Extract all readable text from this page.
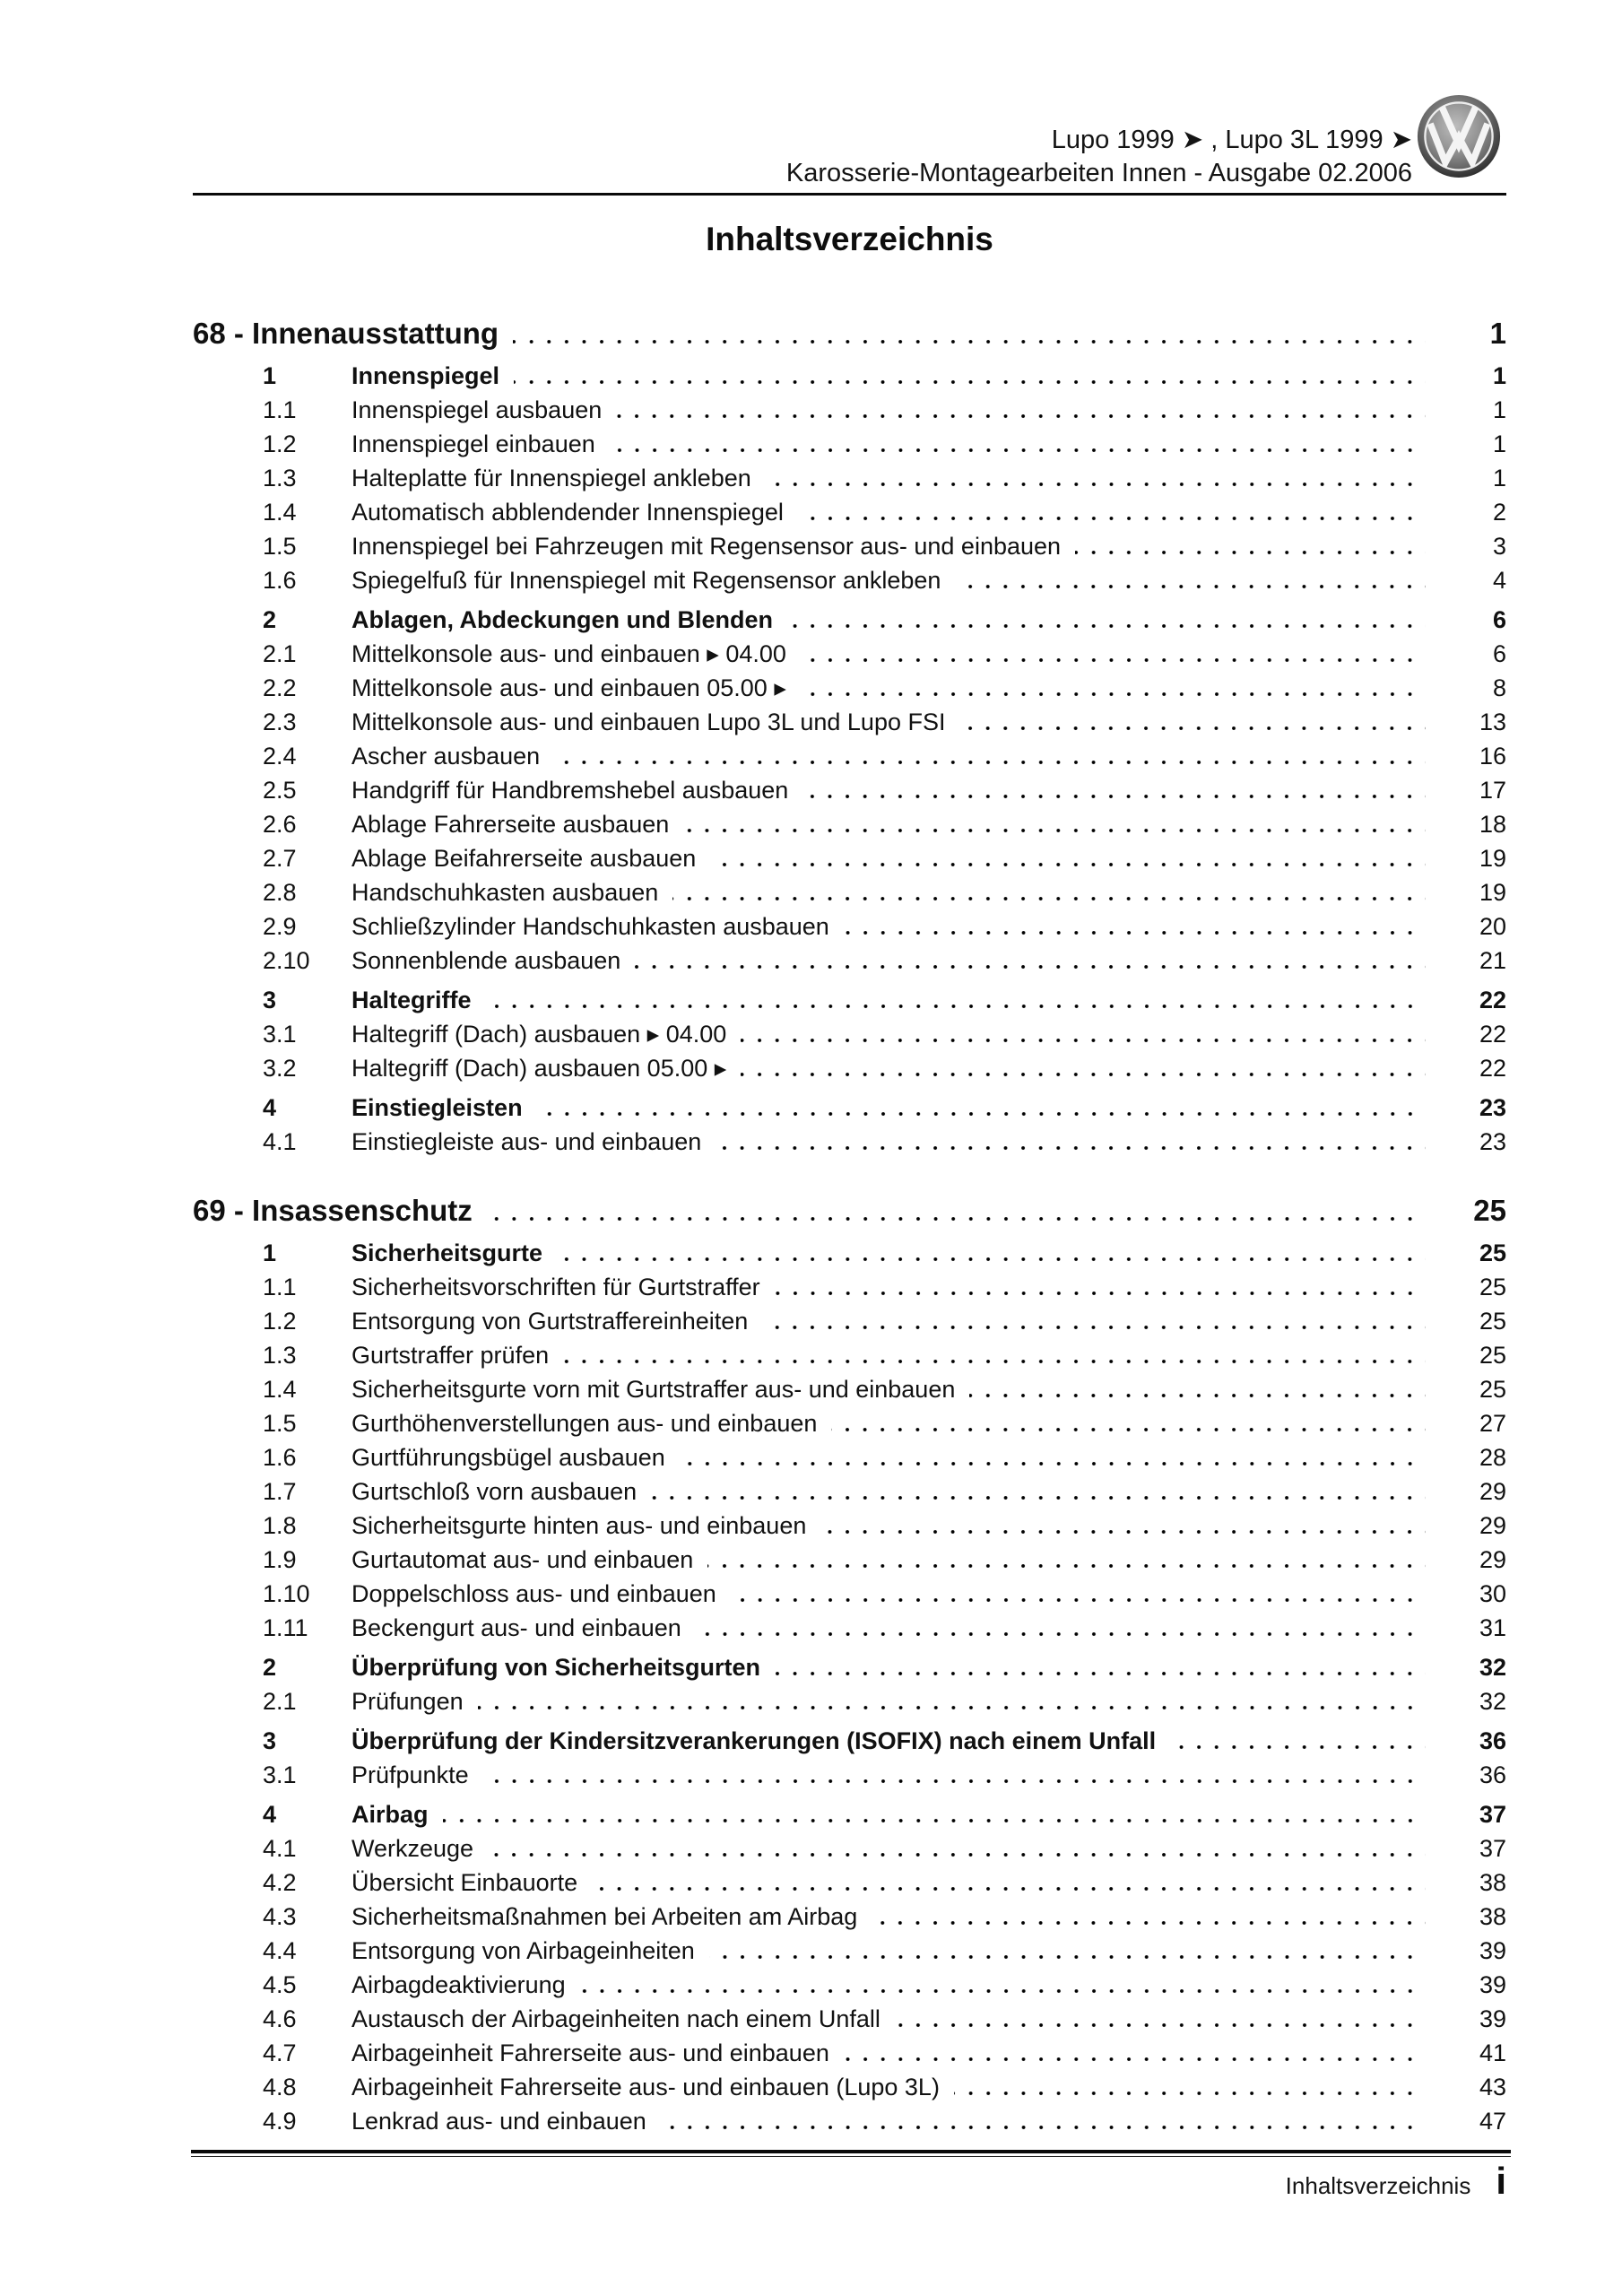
Lupo 1999 ➤ , Lupo 3L 1999 ➤
Karosserie-Montagearbeiten Innen - Ausgabe 02.2006
Inhaltsverzeichnis
68 - Innenausstattung	1
1	Innenspiegel	1
1.1	Innenspiegel ausbauen	1
1.2	Innenspiegel einbauen	1
1.3	Halteplatte für Innenspiegel ankleben	1
1.4	Automatisch abblendender Innenspiegel	2
1.5	Innenspiegel bei Fahrzeugen mit Regensensor aus- und einbauen	3
1.6	Spiegelfuß für Innenspiegel mit Regensensor ankleben	4
2	Ablagen, Abdeckungen und Blenden	6
2.1	Mittelkonsole aus- und einbauen ▸ 04.00	6
2.2	Mittelkonsole aus- und einbauen 05.00 ▸	8
2.3	Mittelkonsole aus- und einbauen Lupo 3L und Lupo FSI	13
2.4	Ascher ausbauen	16
2.5	Handgriff für Handbremshebel ausbauen	17
2.6	Ablage Fahrerseite ausbauen	18
2.7	Ablage Beifahrerseite ausbauen	19
2.8	Handschuhkasten ausbauen	19
2.9	Schließzylinder Handschuhkasten ausbauen	20
2.10	Sonnenblende ausbauen	21
3	Haltegriffe	22
3.1	Haltegriff (Dach) ausbauen ▸ 04.00	22
3.2	Haltegriff (Dach) ausbauen 05.00 ▸	22
4	Einstiegleisten	23
4.1	Einstiegleiste aus- und einbauen	23
69 - Insassenschutz	25
1	Sicherheitsgurte	25
1.1	Sicherheitsvorschriften für Gurtstraffer	25
1.2	Entsorgung von Gurtstraffereinheiten	25
1.3	Gurtstraffer prüfen	25
1.4	Sicherheitsgurte vorn mit Gurtstraffer aus- und einbauen	25
1.5	Gurthöhenverstellungen aus- und einbauen	27
1.6	Gurtführungsbügel ausbauen	28
1.7	Gurtschloß vorn ausbauen	29
1.8	Sicherheitsgurte hinten aus- und einbauen	29
1.9	Gurtautomat aus- und einbauen	29
1.10	Doppelschloss aus- und einbauen	30
1.11	Beckengurt aus- und einbauen	31
2	Überprüfung von Sicherheitsgurten	32
2.1	Prüfungen	32
3	Überprüfung der Kindersitzverankerungen (ISOFIX) nach einem Unfall	36
3.1	Prüfpunkte	36
4	Airbag	37
4.1	Werkzeuge	37
4.2	Übersicht Einbauorte	38
4.3	Sicherheitsmaßnahmen bei Arbeiten am Airbag	38
4.4	Entsorgung von Airbageinheiten	39
4.5	Airbagdeaktivierung	39
4.6	Austausch der Airbageinheiten nach einem Unfall	39
4.7	Airbageinheit Fahrerseite aus- und einbauen	41
4.8	Airbageinheit Fahrerseite aus- und einbauen (Lupo 3L)	43
4.9	Lenkrad aus- und einbauen	47
Inhaltsverzeichnis i
